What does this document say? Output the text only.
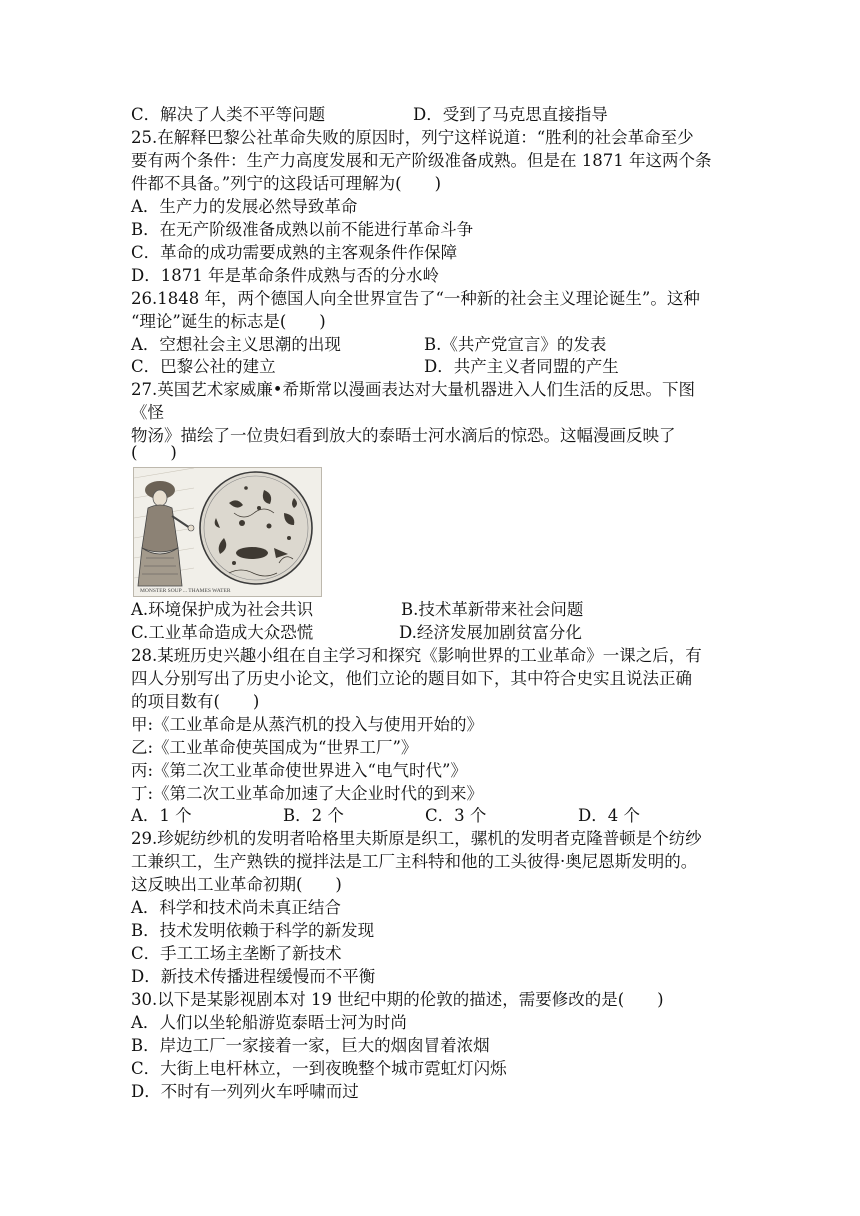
C．解决了人类不平等问题	D．受到了马克思直接指导
25.在解释巴黎公社革命失败的原因时，列宁这样说道：“胜利的社会革命至少
要有两个条件：生产力高度发展和无产阶级准备成熟。但是在 1871 年这两个条
件都不具备。”列宁的这段话可理解为(　　)
A．生产力的发展必然导致革命
B．在无产阶级准备成熟以前不能进行革命斗争
C．革命的成功需要成熟的主客观条件作保障
D．1871 年是革命条件成熟与否的分水岭
26.1848 年，两个德国人向全世界宣告了“一种新的社会主义理论诞生”。这种
“理论”诞生的标志是(　　)
A．空想社会主义思潮的出现	B.《共产党宣言》的发表
C．巴黎公社的建立	D．共产主义者同盟的产生
27.英国艺术家威廉•希斯常以漫画表达对大量机器进入人们生活的反思。下图
《怪
物汤》描绘了一位贵妇看到放大的泰晤士河水滴后的惊恐。这幅漫画反映了
(　　)
MONSTER SOUP ... THAMES WATER
A.环境保护成为社会共识	B.技术革新带来社会问题
C.工业革命造成大众恐慌	D.经济发展加剧贫富分化
28.某班历史兴趣小组在自主学习和探究《影响世界的工业革命》一课之后，有
四人分别写出了历史小论文，他们立论的题目如下，其中符合史实且说法正确
的项目数有(　　)
甲:《工业革命是从蒸汽机的投入与使用开始的》
乙:《工业革命使英国成为“世界工厂”》
丙:《第二次工业革命使世界进入“电气时代”》
丁:《第二次工业革命加速了大企业时代的到来》
A．1 个	B．2 个	C．3 个	D．4 个
29.珍妮纺纱机的发明者哈格里夫斯原是织工，骡机的发明者克隆普顿是个纺纱
工兼织工，生产熟铁的搅拌法是工厂主科特和他的工头彼得·奥尼恩斯发明的。
这反映出工业革命初期(　　)
A．科学和技术尚未真正结合
B．技术发明依赖于科学的新发现
C．手工工场主垄断了新技术
D．新技术传播进程缓慢而不平衡
30.以下是某影视剧本对 19 世纪中期的伦敦的描述，需要修改的是(　　)
A．人们以坐轮船游览泰晤士河为时尚
B．岸边工厂一家接着一家，巨大的烟囱冒着浓烟
C．大街上电杆林立，一到夜晚整个城市霓虹灯闪烁
D．不时有一列列火车呼啸而过
